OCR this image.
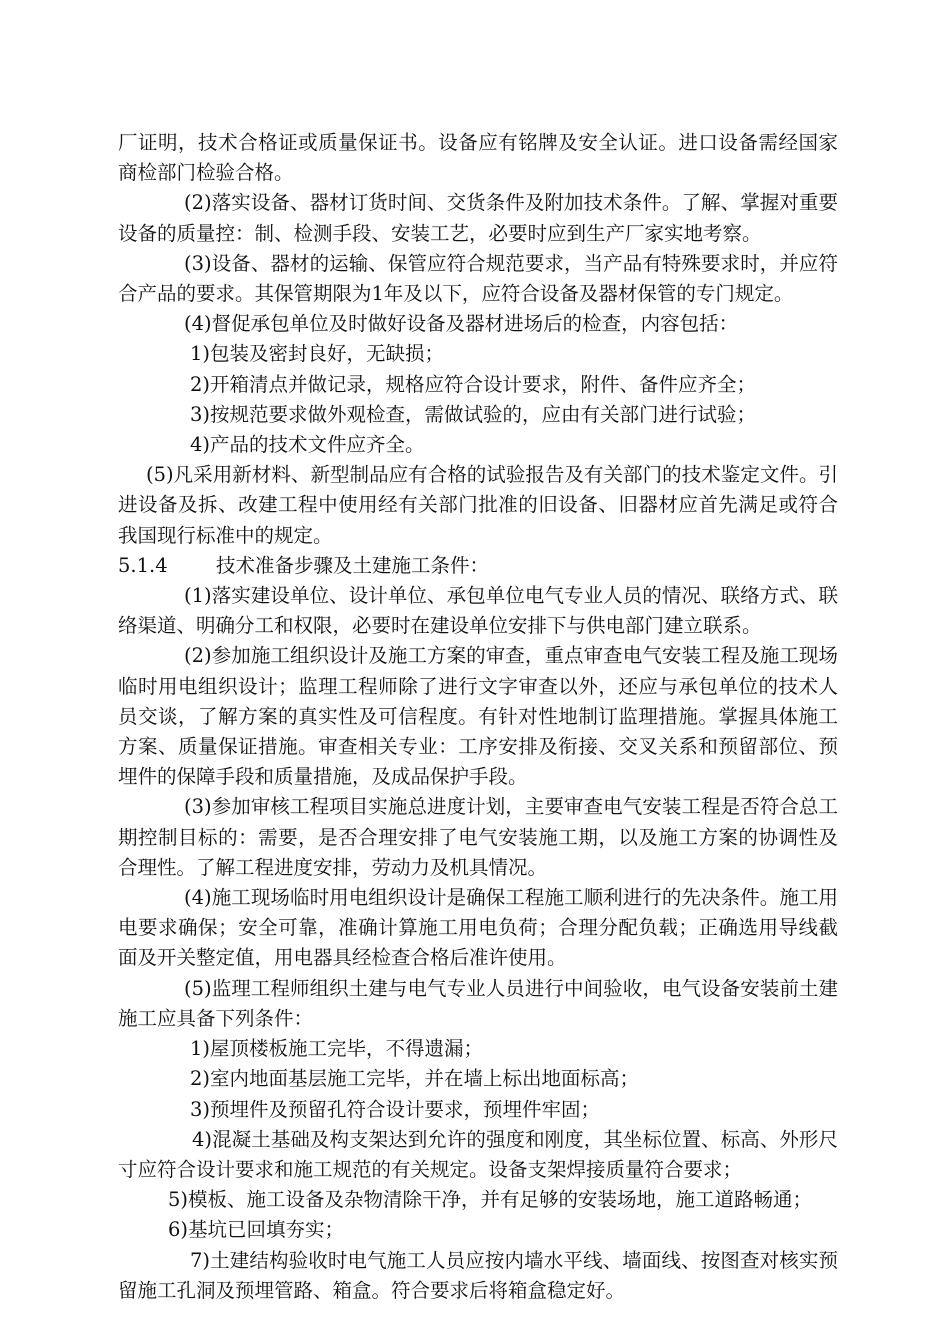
厂证明，技术合格证或质量保证书。设备应有铭牌及安全认证。进口设备需经国家商检部门检验合格。

(2)落实设备、器材订货时间、交货条件及附加技术条件。了解、掌握对重要设备的质量控：制、检测手段、安装工艺，必要时应到生产厂家实地考察。

(3)设备、器材的运输、保管应符合规范要求，当产品有特殊要求时，并应符合产品的要求。其保管期限为1年及以下，应符合设备及器材保管的专门规定。

(4)督促承包单位及时做好设备及器材进场后的检查，内容包括：

1)包装及密封良好，无缺损；

2)开箱清点并做记录，规格应符合设计要求，附件、备件应齐全；

3)按规范要求做外观检查，需做试验的，应由有关部门进行试验；

4)产品的技术文件应齐全。

(5)凡采用新材料、新型制品应有合格的试验报告及有关部门的技术鉴定文件。引进设备及拆、改建工程中使用经有关部门批准的旧设备、旧器材应首先满足或符合我国现行标准中的规定。

5.1.4	技术准备步骤及土建施工条件：

(1)落实建设单位、设计单位、承包单位电气专业人员的情况、联络方式、联络渠道、明确分工和权限，必要时在建设单位安排下与供电部门建立联系。

(2)参加施工组织设计及施工方案的审查，重点审查电气安装工程及施工现场临时用电组织设计；监理工程师除了进行文字审查以外，还应与承包单位的技术人员交谈，了解方案的真实性及可信程度。有针对性地制订监理措施。掌握具体施工方案、质量保证措施。审查相关专业：工序安排及衔接、交叉关系和预留部位、预埋件的保障手段和质量措施，及成品保护手段。

(3)参加审核工程项目实施总进度计划，主要审查电气安装工程是否符合总工期控制目标的：需要，是否合理安排了电气安装施工期，以及施工方案的协调性及合理性。了解工程进度安排，劳动力及机具情况。

(4)施工现场临时用电组织设计是确保工程施工顺利进行的先决条件。施工用电要求确保；安全可靠，准确计算施工用电负荷；合理分配负载；正确选用导线截面及开关整定值，用电器具经检查合格后准许使用。

(5)监理工程师组织土建与电气专业人员进行中间验收，电气设备安装前土建施工应具备下列条件：

1)屋顶楼板施工完毕，不得遗漏；

2)室内地面基层施工完毕，并在墙上标出地面标高；

3)预埋件及预留孔符合设计要求，预埋件牢固；

4)混凝土基础及构支架达到允许的强度和刚度，其坐标位置、标高、外形尺寸应符合设计要求和施工规范的有关规定。设备支架焊接质量符合要求；

5)模板、施工设备及杂物清除干净，并有足够的安装场地，施工道路畅通；

6)基坑已回填夯实；

7)土建结构验收时电气施工人员应按内墙水平线、墙面线、按图查对核实预留施工孔洞及预埋管路、箱盒。符合要求后将箱盒稳定好。
